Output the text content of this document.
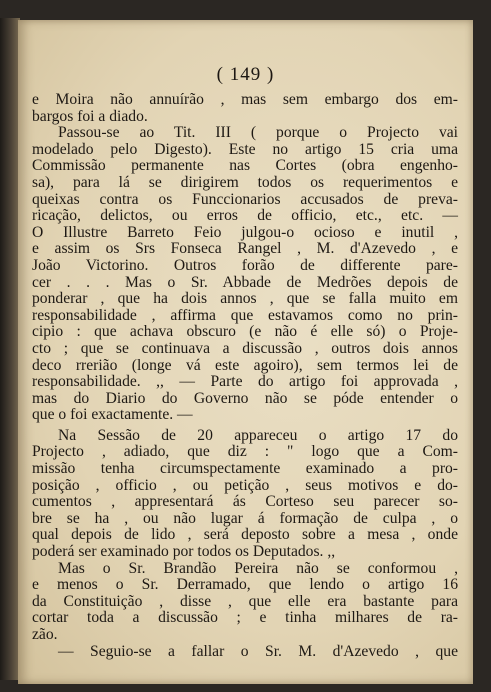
( 149 )
e Moira não annuírão , mas sem embargo dos em-
bargos foi a diado.
Passou-se ao Tit. III ( porque o Projecto vai
modelado pelo Digesto). Este no artigo 15 cria uma
Commissão permanente nas Cortes (obra engenho-
sa), para lá se dirigirem todos os requerimentos e
queixas contra os Funccionarios accusados de preva-
ricação, delictos, ou erros de officio, etc., etc. —
O Illustre Barreto Feio julgou-o ocioso e inutil ,
e assim os Srs Fonseca Rangel , M. d'Azevedo , e
João Victorino. Outros forão de differente pare-
cer . . . Mas o Sr. Abbade de Medrões depois de
ponderar , que ha dois annos , que se falla muito em
responsabilidade , affirma que estavamos como no prin-
cipio : que achava obscuro (e não é elle só) o Proje-
cto ; que se continuava a discussão , outros dois annos
deco rrerião (longe vá este agoiro), sem termos lei de
responsabilidade. ,, — Parte do artigo foi approvada ,
mas do Diario do Governo não se póde entender o
que o foi exactamente. —
Na Sessão de 20 appareceu o artigo 17 do
Projecto , adiado, que diz : " logo que a Com-
missão tenha circumspectamente examinado a pro-
posição , officio , ou petição , seus motivos e do-
cumentos , appresentará ás Corteso seu parecer so-
bre se ha , ou não lugar á formação de culpa , o
qual depois de lido , será deposto sobre a mesa , onde
poderá ser examinado por todos os Deputados. ,,
Mas o Sr. Brandão Pereira não se conformou ,
e menos o Sr. Derramado, que lendo o artigo 16
da Constituição , disse , que elle era bastante para
cortar toda a discussão ; e tinha milhares de ra-
zão.
— Seguio-se a fallar o Sr. M. d'Azevedo , que
